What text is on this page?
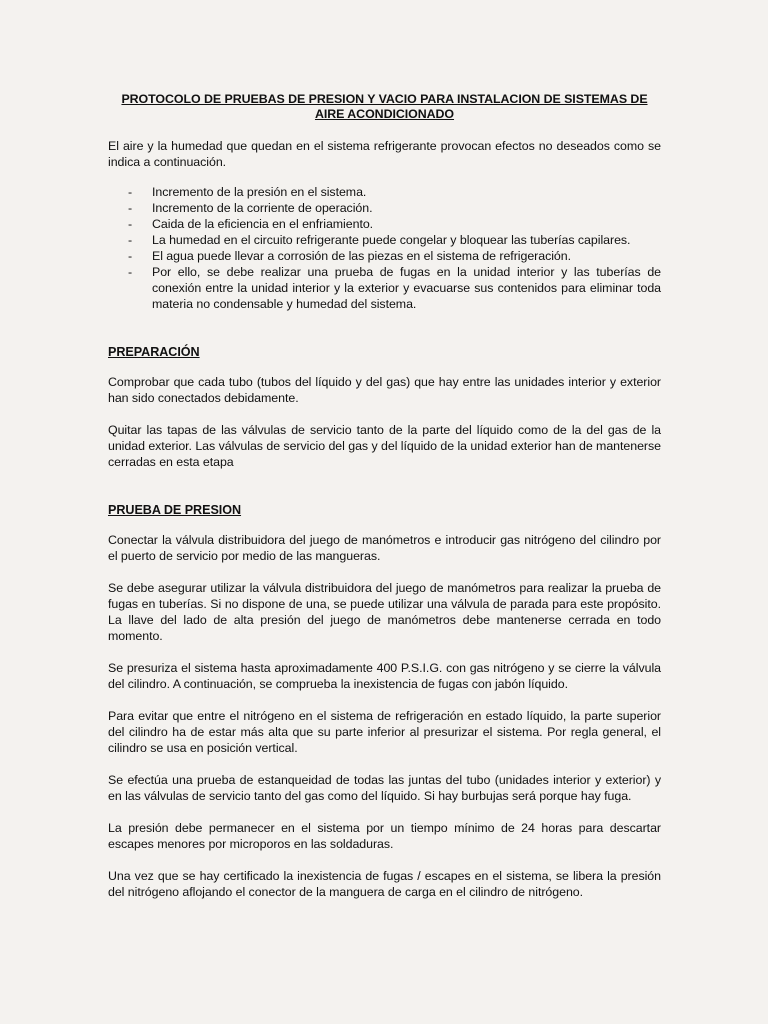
PROTOCOLO DE PRUEBAS DE PRESION Y VACIO PARA INSTALACION DE SISTEMAS DE AIRE ACONDICIONADO

El aire y la humedad que quedan en el sistema refrigerante provocan efectos no deseados como se indica a continuación.

- Incremento de la presión en el sistema.
- Incremento de la corriente de operación.
- Caida de la eficiencia en el enfriamiento.
- La humedad en el circuito refrigerante puede congelar y bloquear las tuberías capilares.
- El agua puede llevar a corrosión de las piezas en el sistema de refrigeración.
- Por ello, se debe realizar una prueba de fugas en la unidad interior y las tuberías de conexión entre la unidad interior y la exterior y evacuarse sus contenidos para eliminar toda materia no condensable y humedad del sistema.
PREPARACIÓN

Comprobar que cada tubo (tubos del líquido y del gas) que hay entre las unidades interior y exterior han sido conectados debidamente.

Quitar las tapas de las válvulas de servicio tanto de la parte del líquido como de la del gas de la unidad exterior. Las válvulas de servicio del gas y del líquido de la unidad exterior han de mantenerse cerradas en esta etapa

PRUEBA DE PRESION

Conectar la válvula distribuidora del juego de manómetros e introducir gas nitrógeno del cilindro por el puerto de servicio por medio de las mangueras.

Se debe asegurar utilizar la válvula distribuidora del juego de manómetros para realizar la prueba de fugas en tuberías. Si no dispone de una, se puede utilizar una válvula de parada para este propósito. La llave del lado de alta presión del juego de manómetros debe mantenerse cerrada en todo momento.

Se presuriza el sistema hasta aproximadamente 400 P.S.I.G. con gas nitrógeno y se cierre la válvula del cilindro. A continuación, se comprueba la inexistencia de fugas con jabón líquido.

Para evitar que entre el nitrógeno en el sistema de refrigeración en estado líquido, la parte superior del cilindro ha de estar más alta que su parte inferior al presurizar el sistema. Por regla general, el cilindro se usa en posición vertical.

Se efectúa una prueba de estanqueidad de todas las juntas del tubo (unidades interior y exterior) y en las válvulas de servicio tanto del gas como del líquido. Si hay burbujas será porque hay fuga.

La presión debe permanecer en el sistema por un tiempo mínimo de 24 horas para descartar escapes menores por microporos en las soldaduras.

Una vez que se hay certificado la inexistencia de fugas / escapes en el sistema, se libera la presión del nitrógeno aflojando el conector de la manguera de carga en el cilindro de nitrógeno.
